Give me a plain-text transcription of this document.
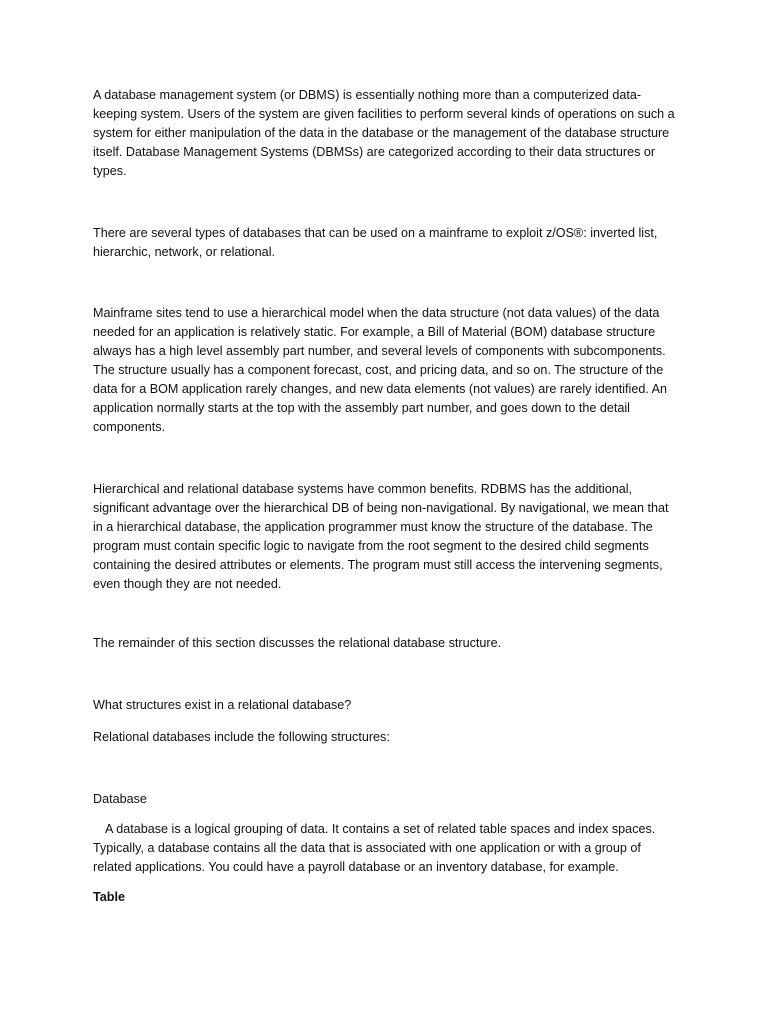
A database management system (or DBMS) is essentially nothing more than a computerized data-keeping system. Users of the system are given facilities to perform several kinds of operations on such a system for either manipulation of the data in the database or the management of the database structure itself. Database Management Systems (DBMSs) are categorized according to their data structures or types.

There are several types of databases that can be used on a mainframe to exploit z/OS®: inverted list, hierarchic, network, or relational.

Mainframe sites tend to use a hierarchical model when the data structure (not data values) of the data needed for an application is relatively static. For example, a Bill of Material (BOM) database structure always has a high level assembly part number, and several levels of components with subcomponents. The structure usually has a component forecast, cost, and pricing data, and so on. The structure of the data for a BOM application rarely changes, and new data elements (not values) are rarely identified. An application normally starts at the top with the assembly part number, and goes down to the detail components.

Hierarchical and relational database systems have common benefits. RDBMS has the additional, significant advantage over the hierarchical DB of being non-navigational. By navigational, we mean that in a hierarchical database, the application programmer must know the structure of the database. The program must contain specific logic to navigate from the root segment to the desired child segments containing the desired attributes or elements. The program must still access the intervening segments, even though they are not needed.

The remainder of this section discusses the relational database structure.

What structures exist in a relational database?

Relational databases include the following structures:

Database

A database is a logical grouping of data. It contains a set of related table spaces and index spaces. Typically, a database contains all the data that is associated with one application or with a group of related applications. You could have a payroll database or an inventory database, for example.

Table
